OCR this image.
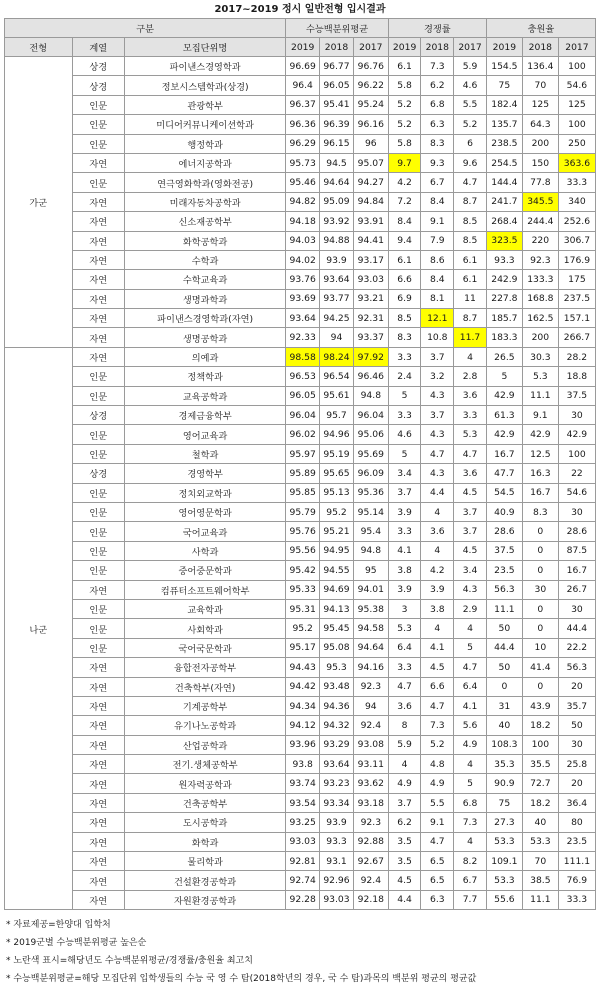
2017~2019 정시 일반전형 입시결과
구분			수능백분위평균			경쟁률			충원율		
전형	계열	모집단위명	2019	2018	2017	2019	2018	2017	2019	2018	2017
가군	상경	파이낸스경영학과	96.69	96.77	96.76	6.1	7.3	5.9	154.5	136.4	100
	상경	정보시스템학과(상경)	96.4	96.05	96.22	5.8	6.2	4.6	75	70	54.6
	인문	관광학부	96.37	95.41	95.24	5.2	6.8	5.5	182.4	125	125
	인문	미디어커뮤니케이션학과	96.36	96.39	96.16	5.2	6.3	5.2	135.7	64.3	100
	인문	행정학과	96.29	96.15	96	5.8	8.3	6	238.5	200	250
	자연	에너지공학과	95.73	94.5	95.07	9.7	9.3	9.6	254.5	150	363.6
	인문	연극영화학과(영화전공)	95.46	94.64	94.27	4.2	6.7	4.7	144.4	77.8	33.3
	자연	미래자동차공학과	94.82	95.09	94.84	7.2	8.4	8.7	241.7	345.5	340
	자연	신소재공학부	94.18	93.92	93.91	8.4	9.1	8.5	268.4	244.4	252.6
	자연	화학공학과	94.03	94.88	94.41	9.4	7.9	8.5	323.5	220	306.7
	자연	수학과	94.02	93.9	93.17	6.1	8.6	6.1	93.3	92.3	176.9
	자연	수학교육과	93.76	93.64	93.03	6.6	8.4	6.1	242.9	133.3	175
	자연	생명과학과	93.69	93.77	93.21	6.9	8.1	11	227.8	168.8	237.5
	자연	파이낸스경영학과(자연)	93.64	94.25	92.31	8.5	12.1	8.7	185.7	162.5	157.1
	자연	생명공학과	92.33	94	93.37	8.3	10.8	11.7	183.3	200	266.7
나군	자연	의예과	98.58	98.24	97.92	3.3	3.7	4	26.5	30.3	28.2
	인문	정책학과	96.53	96.54	96.46	2.4	3.2	2.8	5	5.3	18.8
	인문	교육공학과	96.05	95.61	94.8	5	4.3	3.6	42.9	11.1	37.5
	상경	경제금융학부	96.04	95.7	96.04	3.3	3.7	3.3	61.3	9.1	30
	인문	영어교육과	96.02	94.96	95.06	4.6	4.3	5.3	42.9	42.9	42.9
	인문	철학과	95.97	95.19	95.69	5	4.7	4.7	16.7	12.5	100
	상경	경영학부	95.89	95.65	96.09	3.4	4.3	3.6	47.7	16.3	22
	인문	정치외교학과	95.85	95.13	95.36	3.7	4.4	4.5	54.5	16.7	54.6
	인문	영어영문학과	95.79	95.2	95.14	3.9	4	3.7	40.9	8.3	30
	인문	국어교육과	95.76	95.21	95.4	3.3	3.6	3.7	28.6	0	28.6
	인문	사학과	95.56	94.95	94.8	4.1	4	4.5	37.5	0	87.5
	인문	중어중문학과	95.42	94.55	95	3.8	4.2	3.4	23.5	0	16.7
	자연	컴퓨터소프트웨어학부	95.33	94.69	94.01	3.9	3.9	4.3	56.3	30	26.7
	인문	교육학과	95.31	94.13	95.38	3	3.8	2.9	11.1	0	30
	인문	사회학과	95.2	95.45	94.58	5.3	4	4	50	0	44.4
	인문	국어국문학과	95.17	95.08	94.64	6.4	4.1	5	44.4	10	22.2
	자연	융합전자공학부	94.43	95.3	94.16	3.3	4.5	4.7	50	41.4	56.3
	자연	건축학부(자연)	94.42	93.48	92.3	4.7	6.6	6.4	0	0	20
	자연	기계공학부	94.34	94.36	94	3.6	4.7	4.1	31	43.9	35.7
	자연	유기나노공학과	94.12	94.32	92.4	8	7.3	5.6	40	18.2	50
	자연	산업공학과	93.96	93.29	93.08	5.9	5.2	4.9	108.3	100	30
	자연	전기.생체공학부	93.8	93.64	93.11	4	4.8	4	35.3	35.5	25.8
	자연	원자력공학과	93.74	93.23	93.62	4.9	4.9	5	90.9	72.7	20
	자연	건축공학부	93.54	93.34	93.18	3.7	5.5	6.8	75	18.2	36.4
	자연	도시공학과	93.25	93.9	92.3	6.2	9.1	7.3	27.3	40	80
	자연	화학과	93.03	93.3	92.88	3.5	4.7	4	53.3	53.3	23.5
	자연	물리학과	92.81	93.1	92.67	3.5	6.5	8.2	109.1	70	111.1
	자연	건설환경공학과	92.74	92.96	92.4	4.5	6.5	6.7	53.3	38.5	76.9
	자연	자원환경공학과	92.28	93.03	92.18	4.4	6.3	7.7	55.6	11.1	33.3
* 자료제공=한양대 입학처
* 2019군별 수능백분위평균 높은순
* 노란색 표시=해당년도 수능백분위평균/경쟁률/충원율 최고치
* 수능백분위평균=해당 모집단위 입학생들의 수능 국 영 수 탐(2018학년의 경우, 국 수 탐)과목의 백분위 평균의 평균값
